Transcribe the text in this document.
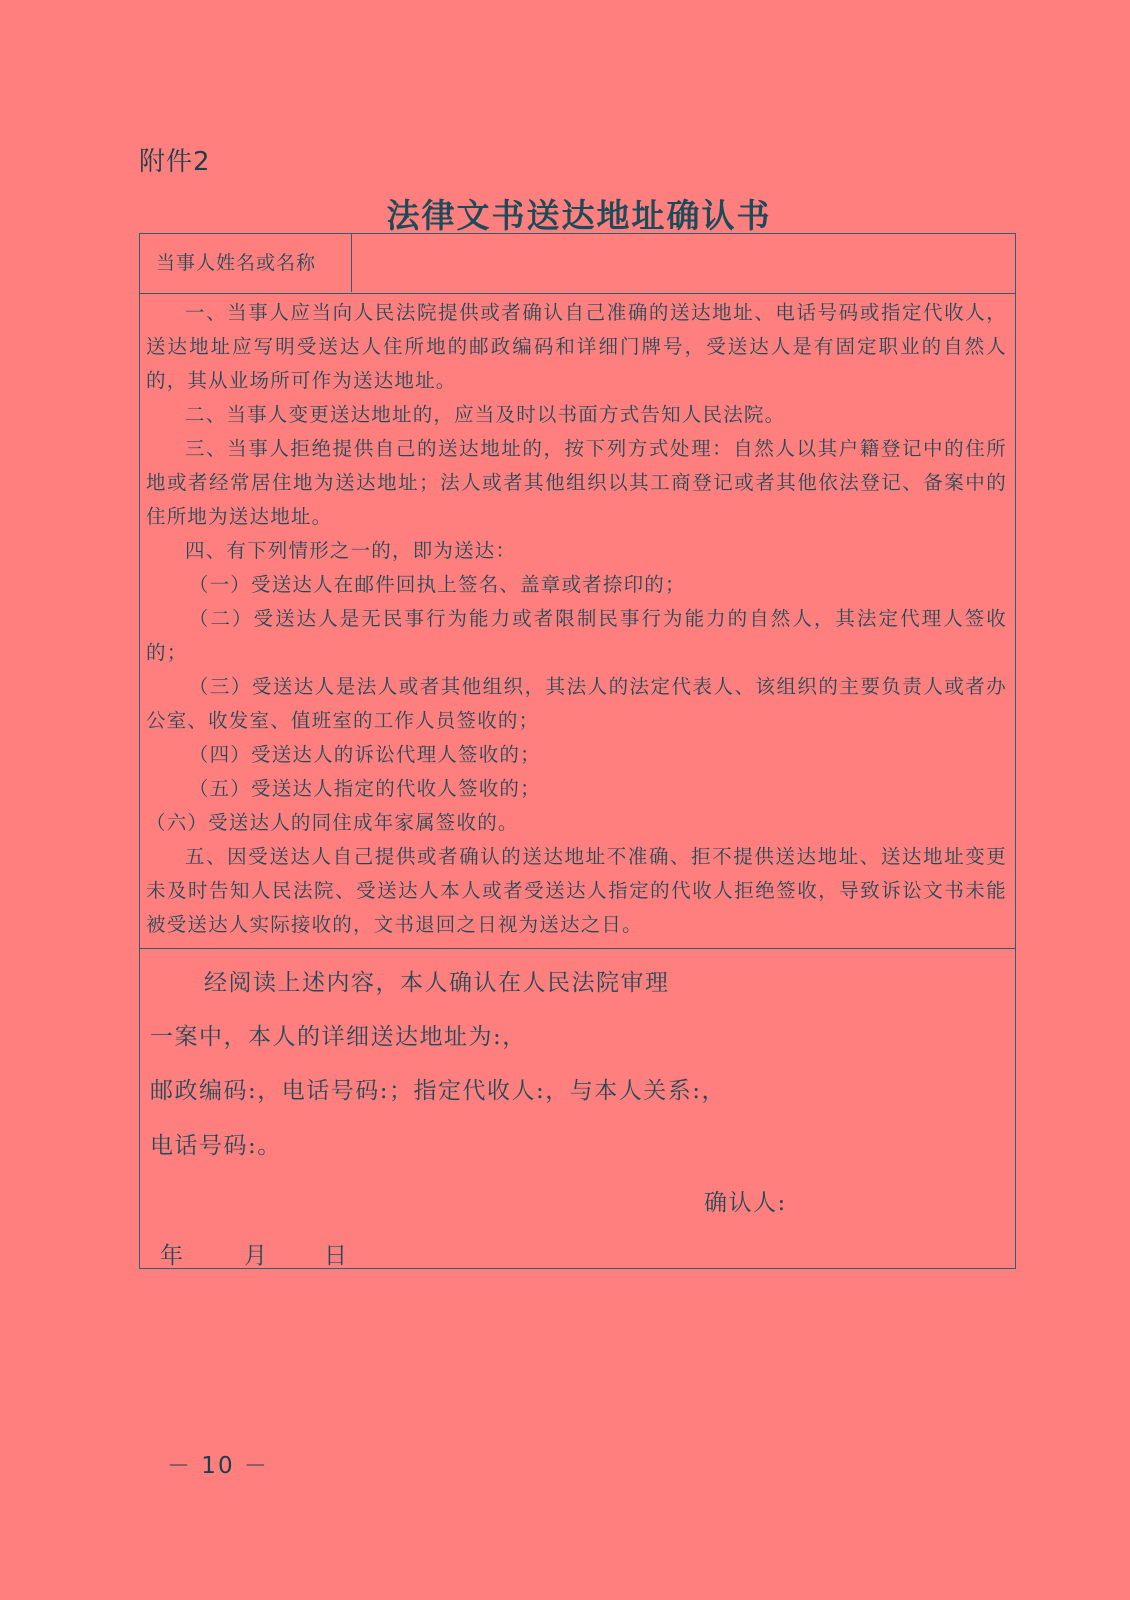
附件2
法律文书送达地址确认书
当事人姓名或名称

一、当事人应当向人民法院提供或者确认自己准确的送达地址、电话号码或指定代收人，送达地址应写明受送达人住所地的邮政编码和详细门牌号，受送达人是有固定职业的自然人的，其从业场所可作为送达地址。

二、当事人变更送达地址的，应当及时以书面方式告知人民法院。

三、当事人拒绝提供自己的送达地址的，按下列方式处理：自然人以其户籍登记中的住所地或者经常居住地为送达地址；法人或者其他组织以其工商登记或者其他依法登记、备案中的住所地为送达地址。

四、有下列情形之一的，即为送达：

（一）受送达人在邮件回执上签名、盖章或者捺印的；

（二）受送达人是无民事行为能力或者限制民事行为能力的自然人，其法定代理人签收的；

（三）受送达人是法人或者其他组织，其法人的法定代表人、该组织的主要负责人或者办公室、收发室、值班室的工作人员签收的；

（四）受送达人的诉讼代理人签收的；

（五）受送达人指定的代收人签收的；

（六）受送达人的同住成年家属签收的。

五、因受送达人自己提供或者确认的送达地址不准确、拒不提供送达地址、送达地址变更未及时告知人民法院、受送达人本人或者受送达人指定的代收人拒绝签收，导致诉讼文书未能被受送达人实际接收的，文书退回之日视为送达之日。

经阅读上述内容，本人确认在人民法院审理
一案中，本人的详细送达地址为:，
邮政编码:，电话号码:；指定代收人:，与本人关系:，
电话号码:。
确认人:
年	月 日
－ 10 －
